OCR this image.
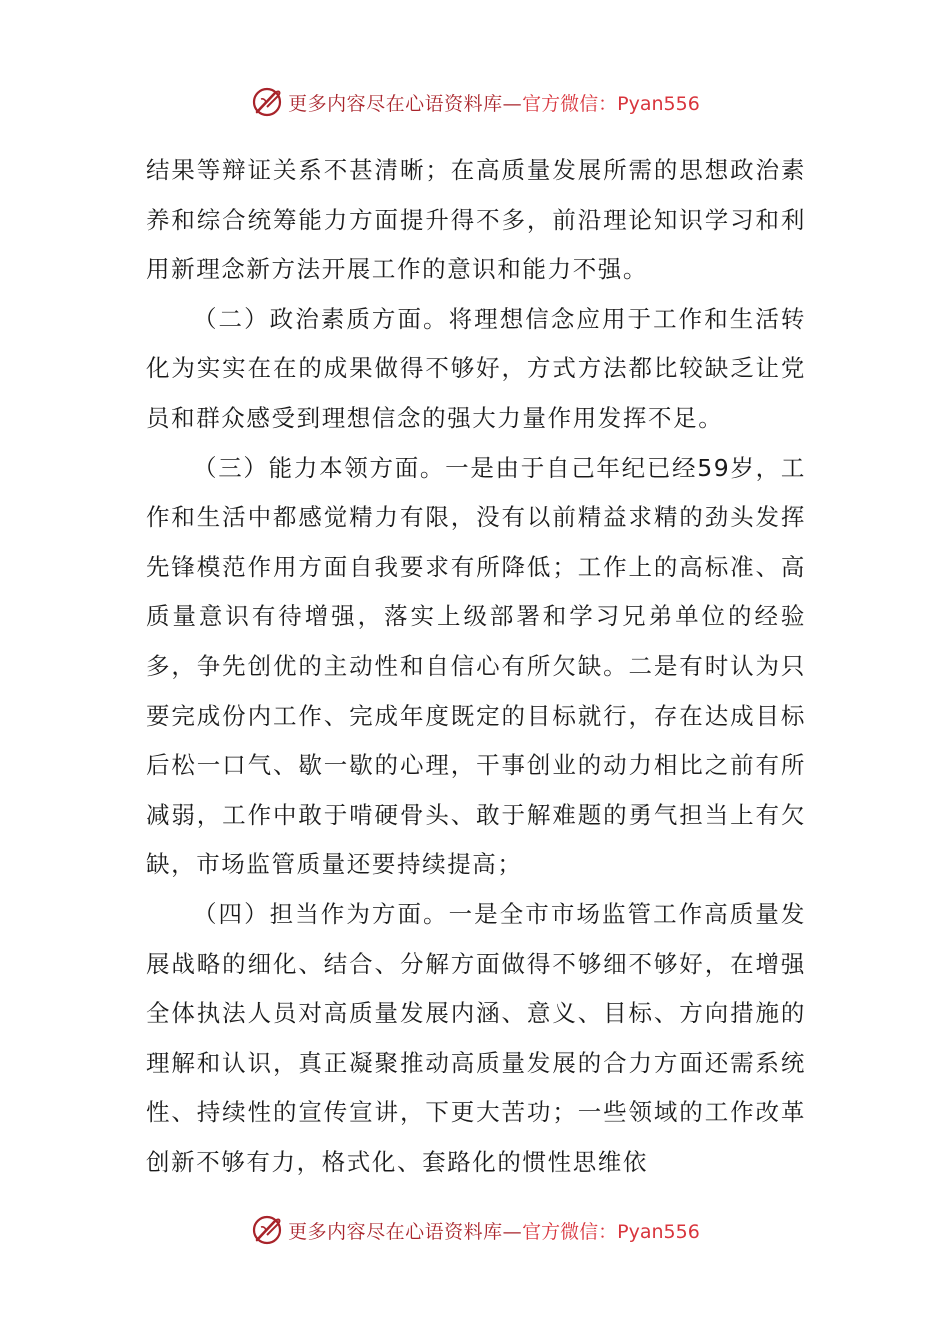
更多内容尽在心语资料库— 官方微信：Pyan556

结果等辩证关系不甚清晰；在高质量发展所需的思想政治素养和综合统筹能力方面提升得不多，前沿理论知识学习和利用新理念新方法开展工作的意识和能力不强。

（二）政治素质方面。将理想信念应用于工作和生活转化为实实在在的成果做得不够好，方式方法都比较缺乏让党员和群众感受到理想信念的强大力量作用发挥不足。

（三）能力本领方面。一是由于自己年纪已经59岁，工作和生活中都感觉精力有限，没有以前精益求精的劲头发挥先锋模范作用方面自我要求有所降低；工作上的高标准、高质量意识有待增强，落实上级部署和学习兄弟单位的经验多，争先创优的主动性和自信心有所欠缺。二是有时认为只要完成份内工作、完成年度既定的目标就行，存在达成目标后松一口气、歇一歇的心理，干事创业的动力相比之前有所减弱，工作中敢于啃硬骨头、敢于解难题的勇气担当上有欠缺，市场监管质量还要持续提高；

（四）担当作为方面。一是全市市场监管工作高质量发展战略的细化、结合、分解方面做得不够细不够好，在增强全体执法人员对高质量发展内涵、意义、目标、方向措施的理解和认识，真正凝聚推动高质量发展的合力方面还需系统性、持续性的宣传宣讲，下更大苦功；一些领域的工作改革创新不够有力，格式化、套路化的惯性思维依

更多内容尽在心语资料库— 官方微信：Pyan556
